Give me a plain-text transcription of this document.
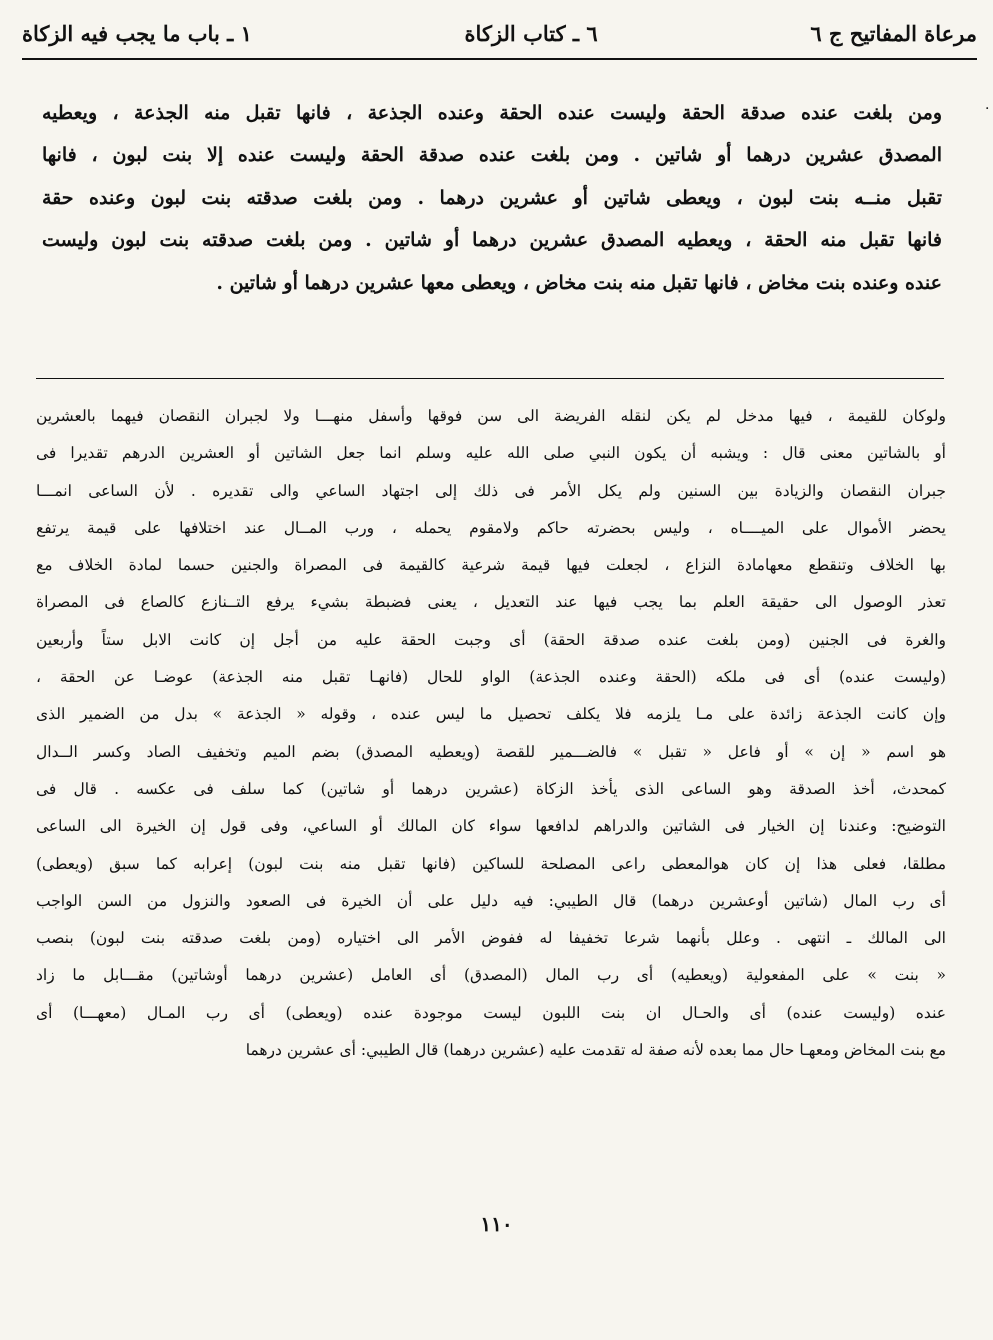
مرعاة المفاتيح ج ٦
٦ ـ كتاب الزكاة
١ ـ باب ما يجب فيه الزكاة
·
ومن بلغت عنده صدقة الحقة وليست عنده الحقة وعنده الجذعة ، فانها تقبل منه الجذعة ، ويعطيه
المصدق عشرين درهما أو شاتين . ومن بلغت عنده صدقة الحقة وليست عنده إلا بنت لبون ، فانها
تقبل منــه بنت لبون ، ويعطى شاتين أو عشرين درهما . ومن بلغت صدقته بنت لبون وعنده حقة
فانها تقبل منه الحقة ، ويعطيه المصدق عشرين درهما أو شاتين . ومن بلغت صدقته بنت لبون وليست
عنده وعنده بنت مخاض ، فانها تقبل منه بنت مخاض ، ويعطى معها عشرين درهما أو شاتين .
ولوكان للقيمة ، فيها مدخل لم يكن لنقله الفريضة الى سن فوقها وأسفل منهـــا ولا لجبران النقصان فيهما بالعشرين
أو بالشاتين معنى قال : ويشبه أن يكون النبي صلى الله عليه وسلم انما جعل الشاتين أو العشرين الدرهم تقديرا فى
جبران النقصان والزيادة بين السنين ولم يكل الأمر فى ذلك إلى اجتهاد الساعي والى تقديره . لأن الساعى انمـــا
يحضر الأموال على الميــــاه ، وليس بحضرته حاكم ولامقوم يحمله ، ورب المــال عند اختلافها على قيمة يرتفع
بها الخلاف وتنقطع معهامادة النزاع ، لجعلت فيها قيمة شرعية كالقيمة فى المصراة والجنين حسما لمادة الخلاف مع
تعذر الوصول الى حقيقة العلم بما يجب فيها عند التعديل ، يعنى فضبطة بشيء يرفع التــنازع كالصاع فى المصراة
والغرة فى الجنين (ومن بلغت عنده صدقة الحقة) أى وجبت الحقة عليه من أجل إن كانت الابل ستاً وأربعين
(وليست عنده) أى فى ملكه (الحقة وعنده الجذعة) الواو للحال (فانهـا تقبل منه الجذعة) عوضـا عن الحقة ،
وإن كانت الجذعة زائدة على مـا يلزمه فلا يكلف تحصيل ما ليس عنده ، وقوله « الجذعة » بدل من الضمير الذى
هو اسم « إن » أو فاعل « تقبل » فالضـــمير للقصة (ويعطيه المصدق) بضم الميم وتخفيف الصاد وكسر الــدال
كمحدث، أخذ الصدقة وهو الساعى الذى يأخذ الزكاة (عشرين درهما أو شاتين) كما سلف فى عكسه . قال فى
التوضيح: وعندنا إن الخيار فى الشاتين والدراهم لدافعها سواء كان المالك أو الساعي، وفى قول إن الخيرة الى الساعى
مطلقا، فعلى هذا إن كان هوالمعطى راعى المصلحة للساكين (فانها تقبل منه بنت لبون) إعرابه كما سبق (ويعطى)
أى رب المال (شاتين أوعشرين درهما) قال الطيبي: فيه دليل على أن الخيرة فى الصعود والنزول من السن الواجب
الى المالك ـ انتهى . وعلل بأنهما شرعا تخفيفا له ففوض الأمر الى اختياره (ومن بلغت صدقته بنت لبون) بنصب
« بنت » على المفعولية (ويعطيه) أى رب المال (المصدق) أى العامل (عشرين درهما أوشاتين) مقـــابل ما زاد
عنده (وليست عنده) أى والحـال ان بنت اللبون ليست موجودة عنده (ويعطى) أى رب المـال (معهـــا) أى
مع بنت المخاض ومعهـا حال مما بعده لأنه صفة له تقدمت عليه (عشرين درهما) قال الطيبي: أى عشرين درهما
١١٠
